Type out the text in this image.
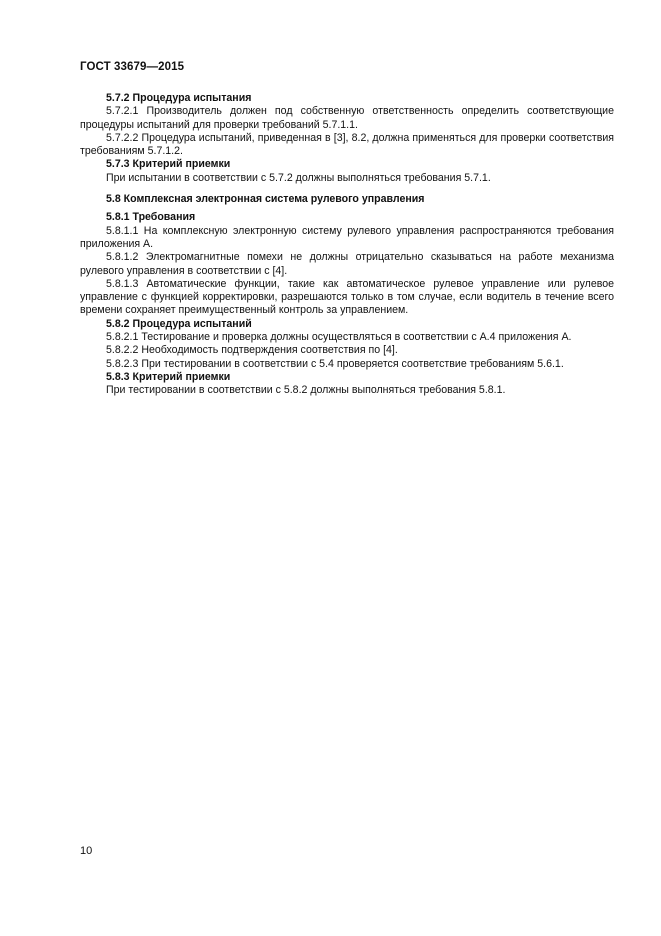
ГОСТ 33679—2015
5.7.2 Процедура испытания
5.7.2.1 Производитель должен под собственную ответственность определить соответствующие процедуры испытаний для проверки требований 5.7.1.1.
5.7.2.2 Процедура испытаний, приведенная в [3], 8.2, должна применяться для проверки соответствия требованиям 5.7.1.2.
5.7.3 Критерий приемки
При испытании в соответствии с 5.7.2 должны выполняться требования 5.7.1.
5.8 Комплексная электронная система рулевого управления
5.8.1 Требования
5.8.1.1 На комплексную электронную систему рулевого управления распространяются требования приложения А.
5.8.1.2 Электромагнитные помехи не должны отрицательно сказываться на работе механизма рулевого управления в соответствии с [4].
5.8.1.3 Автоматические функции, такие как автоматическое рулевое управление или рулевое управление с функцией корректировки, разрешаются только в том случае, если водитель в течение всего времени сохраняет преимущественный контроль за управлением.
5.8.2 Процедура испытаний
5.8.2.1 Тестирование и проверка должны осуществляться в соответствии с А.4 приложения А.
5.8.2.2 Необходимость подтверждения соответствия по [4].
5.8.2.3 При тестировании в соответствии с 5.4 проверяется соответствие требованиям 5.6.1.
5.8.3 Критерий приемки
При тестировании в соответствии с 5.8.2 должны выполняться требования 5.8.1.
10
